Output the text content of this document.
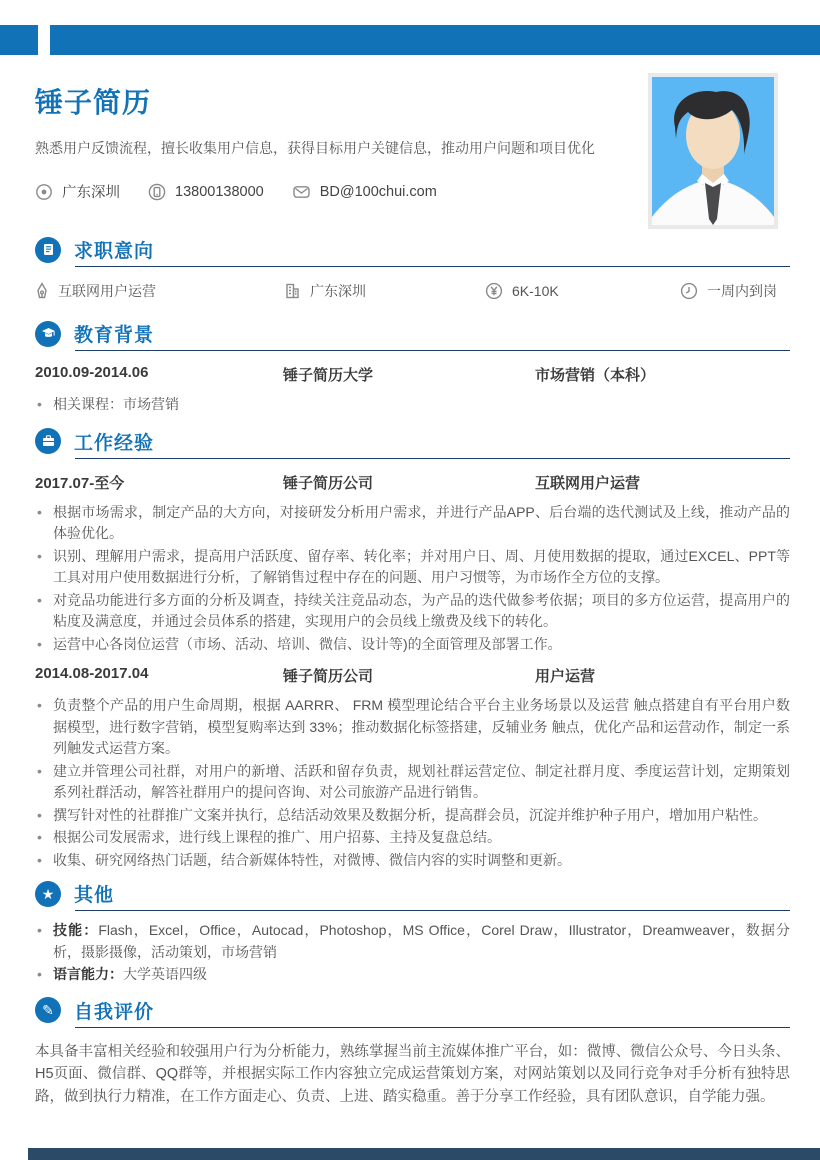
锤子简历
熟悉用户反馈流程，擅长收集用户信息，获得目标用户关键信息，推动用户问题和项目优化
广东深圳	13800138000	BD@100chui.com
求职意向
互联网用户运营	广东深圳	6K-10K	一周内到岗
教育背景
2010.09-2014.06	锤子简历大学	市场营销（本科）
• 相关课程：市场营销
工作经验
2017.07-至今	锤子简历公司	互联网用户运营
• 根据市场需求，制定产品的大方向，对接研发分析用户需求，并进行产品APP、后台端的迭代测试及上线，推动产品的体验优化。
• 识别、理解用户需求，提高用户活跃度、留存率、转化率；并对用户日、周、月使用数据的提取，通过EXCEL、PPT等工具对用户使用数据进行分析，了解销售过程中存在的问题、用户习惯等，为市场作全方位的支撑。
• 对竞品功能进行多方面的分析及调查，持续关注竞品动态，为产品的迭代做参考依据；项目的多方位运营，提高用户的粘度及满意度，并通过会员体系的搭建，实现用户的会员线上缴费及线下的转化。
• 运营中心各岗位运营（市场、活动、培训、微信、设计等)的全面管理及部署工作。
2014.08-2017.04	锤子简历公司	用户运营
• 负责整个产品的用户生命周期，根据 AARRR、 FRM 模型理论结合平台主业务场景以及运营 触点搭建自有平台用户数据模型，进行数字营销，模型复购率达到 33%；推动数据化标签搭建，反辅业务 触点，优化产品和运营动作，制定一系列触发式运营方案。
• 建立并管理公司社群，对用户的新增、活跃和留存负责，规划社群运营定位、制定社群月度、季度运营计划，定期策划系列社群活动，解答社群用户的提问咨询、对公司旅游产品进行销售。
• 撰写针对性的社群推广文案并执行，总结活动效果及数据分析，提高群会员，沉淀并维护种子用户，增加用户粘性。
• 根据公司发展需求，进行线上课程的推广、用户招募、主持及复盘总结。
• 收集、研究网络热门话题，结合新媒体特性，对微博、微信内容的实时调整和更新。
★	其他
• 技能：Flash，Excel，Office，Autocad，Photoshop，MS Office，Corel Draw，Illustrator，Dreamweaver，数据分析，摄影摄像，活动策划，市场营销
• 语言能力：大学英语四级
✎	自我评价
本具备丰富相关经验和较强用户行为分析能力，熟练掌握当前主流媒体推广平台，如：微博、微信公众号、今日头条、H5页面、微信群、QQ群等，并根据实际工作内容独立完成运营策划方案，对网站策划以及同行竞争对手分析有独特思路，做到执行力精准，在工作方面走心、负责、上进、踏实稳重。善于分享工作经验，具有团队意识，自学能力强。
